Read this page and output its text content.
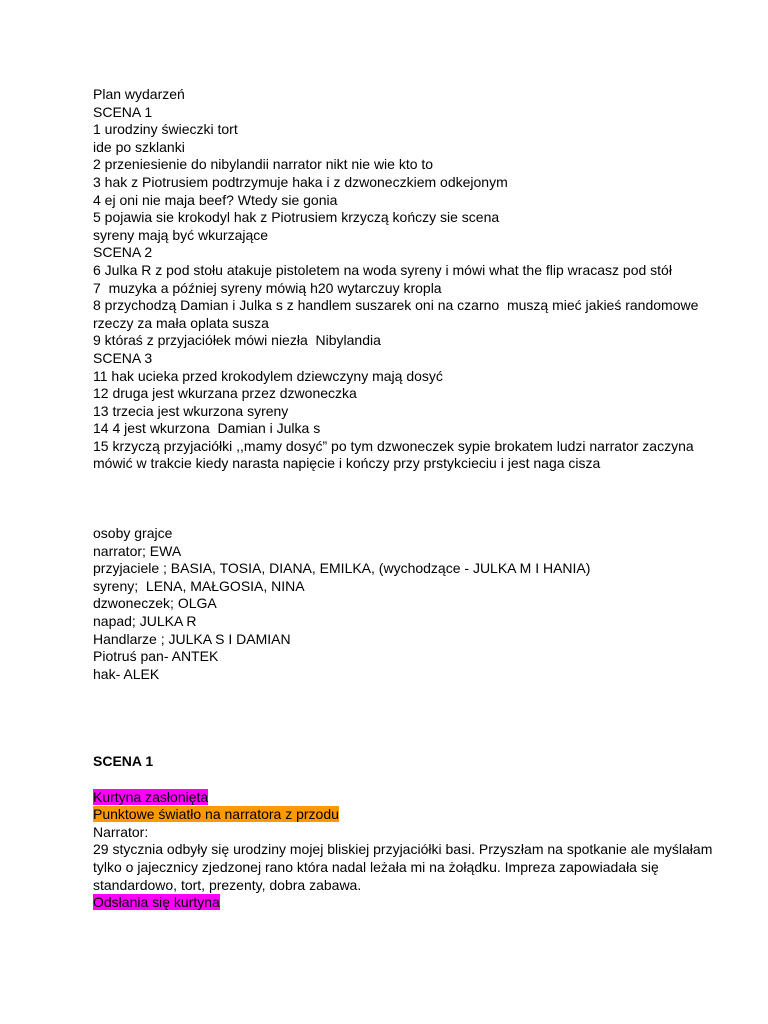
Plan wydarzeń
SCENA 1
1 urodziny świeczki tort
ide po szklanki
2 przeniesienie do nibylandii narrator nikt nie wie kto to
3 hak z Piotrusiem podtrzymuje haka i z dzwoneczkiem odkejonym
4 ej oni nie maja beef? Wtedy sie gonia
5 pojawia sie krokodyl hak z Piotrusiem krzyczą kończy sie scena
syreny mają być wkurzające
SCENA 2
6 Julka R z pod stołu atakuje pistoletem na woda syreny i mówi what the flip wracasz pod stół
7  muzyka a później syreny mówią h20 wytarczuy kropla
8 przychodzą Damian i Julka s z handlem suszarek oni na czarno  muszą mieć jakieś randomowe rzeczy za mała oplata susza
9 któraś z przyjaciółek mówi niezła  Nibylandia
SCENA 3
11 hak ucieka przed krokodylem dziewczyny mają dosyć
12 druga jest wkurzana przez dzwoneczka
13 trzecia jest wkurzona syreny
14 4 jest wkurzona  Damian i Julka s
15 krzyczą przyjaciółki ,,mamy dosyć” po tym dzwoneczek sypie brokatem ludzi narrator zaczyna mówić w trakcie kiedy narasta napięcie i kończy przy prstykcieciu i jest naga cisza
osoby grajce
narrator; EWA
przyjaciele ; BASIA, TOSIA, DIANA, EMILKA, (wychodzące - JULKA M I HANIA)
syreny;  LENA, MAŁGOSIA, NINA
dzwoneczek; OLGA
napad; JULKA R
Handlarze ; JULKA S I DAMIAN
Piotruś pan- ANTEK
hak- ALEK
SCENA 1
Kurtyna zasłonięta
Punktowe światło na narratora z przodu
Narrator:
29 stycznia odbyły się urodziny mojej bliskiej przyjaciółki basi. Przyszłam na spotkanie ale myślałam tylko o jajecznicy zjedzonej rano która nadal leżała mi na żołądku. Impreza zapowiadała się standardowo, tort, prezenty, dobra zabawa.
Odsłania się kurtyna
